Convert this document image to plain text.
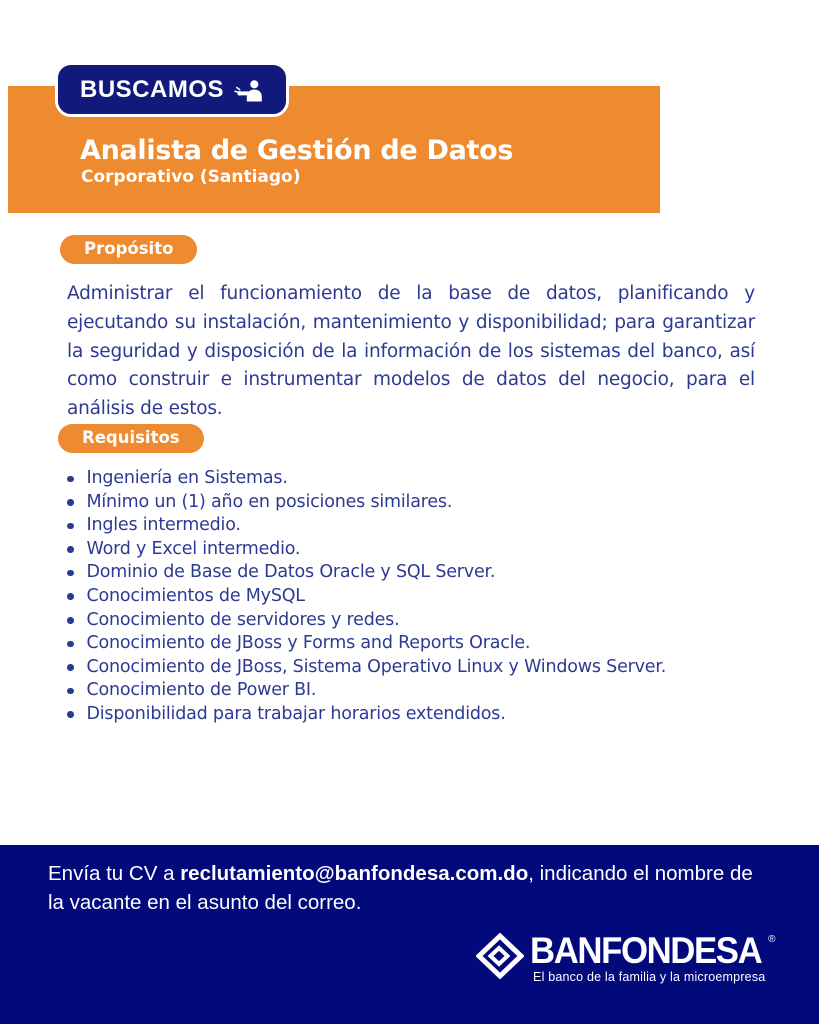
BUSCAMOS
Analista de Gestión de Datos
Corporativo (Santiago)
Propósito

Administrar el funcionamiento de la base de datos, planificando y ejecutando su instalación, mantenimiento y disponibilidad; para garantizar la seguridad y disposición de la información de los sistemas del banco, así como construir e instrumentar modelos de datos del negocio, para el análisis de estos.

Requisitos
Ingeniería en Sistemas.
Mínimo un (1) año en posiciones similares.
Ingles intermedio.
Word y Excel intermedio.
Dominio de Base de Datos Oracle y SQL Server.
Conocimientos de MySQL
Conocimiento de servidores y redes.
Conocimiento de JBoss y Forms and Reports Oracle.
Conocimiento de JBoss, Sistema Operativo Linux y Windows Server.
Conocimiento de Power BI.
Disponibilidad para trabajar horarios extendidos.

Envía tu CV a reclutamiento@banfondesa.com.do, indicando el nombre de la vacante en el asunto del correo.

BANFONDESA ®
El banco de la familia y la microempresa
